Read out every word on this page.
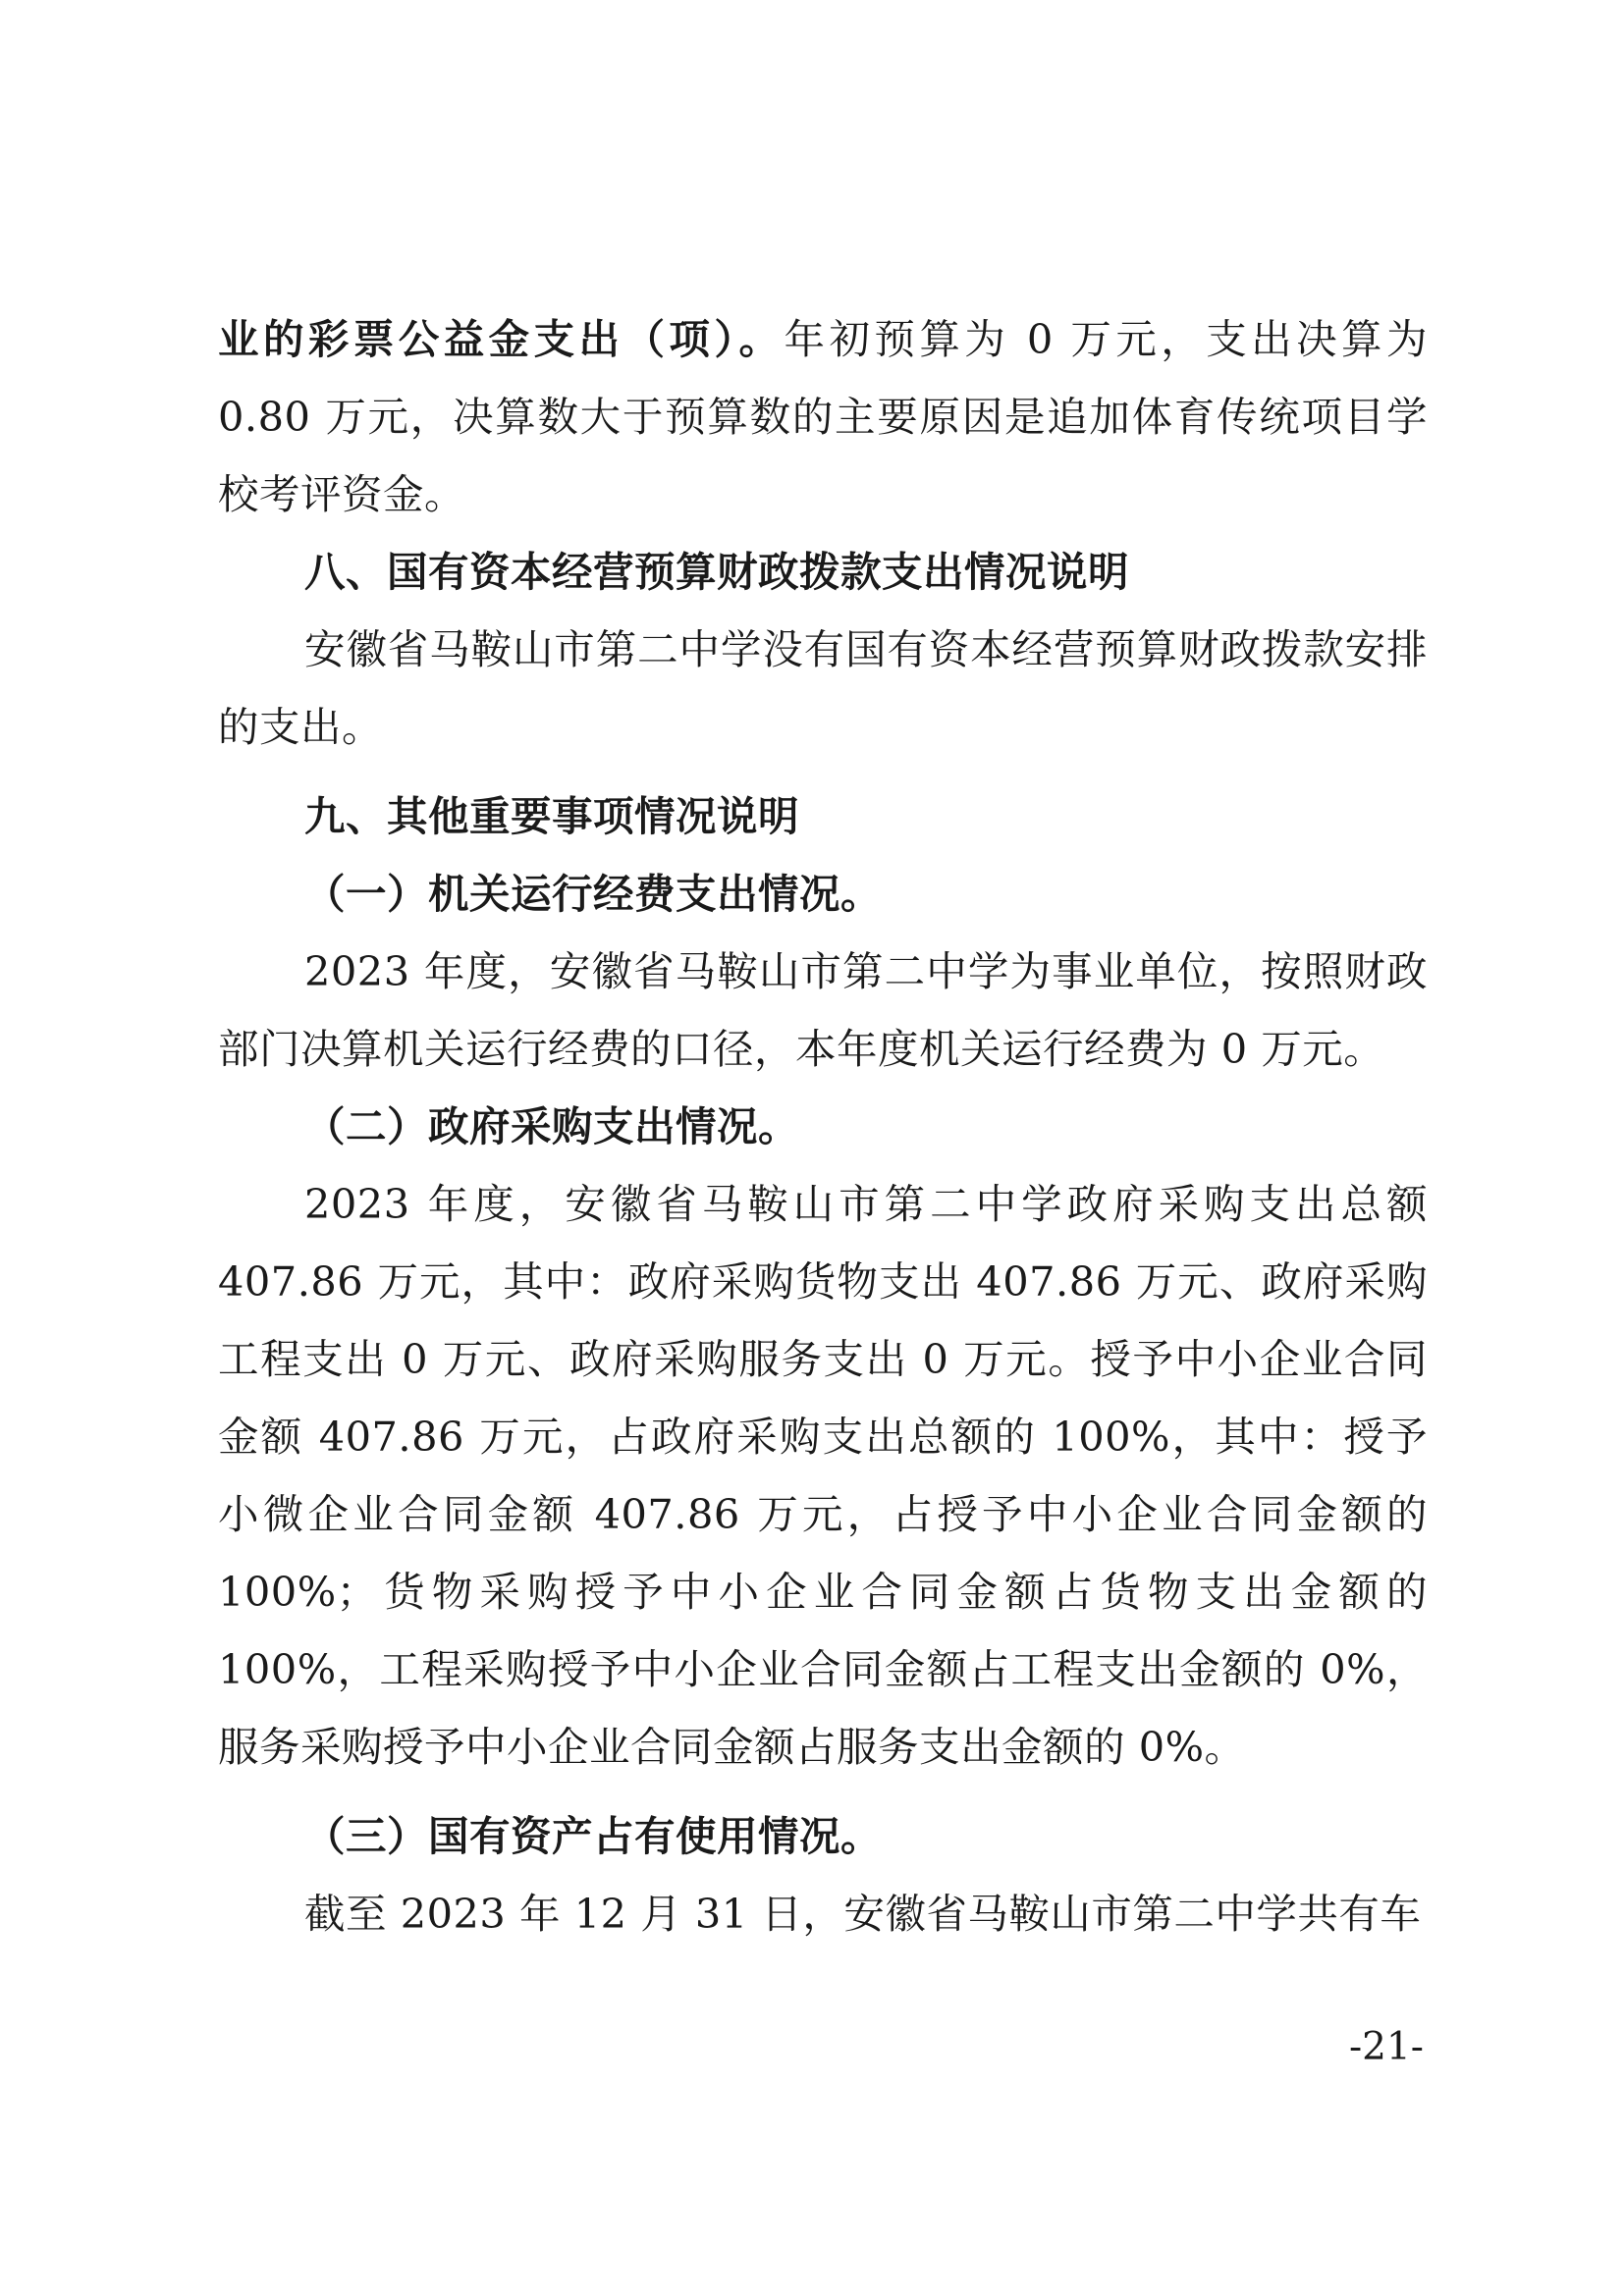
业的彩票公益金支出（项）。年初预算为 0 万元，支出决算为 0.80 万元，决算数大于预算数的主要原因是追加体育传统项目学校考评资金。

八、国有资本经营预算财政拨款支出情况说明

安徽省马鞍山市第二中学没有国有资本经营预算财政拨款安排的支出。

九、其他重要事项情况说明

（一）机关运行经费支出情况。

2023 年度，安徽省马鞍山市第二中学为事业单位，按照财政部门决算机关运行经费的口径，本年度机关运行经费为 0 万元。

（二）政府采购支出情况。

2023 年度，安徽省马鞍山市第二中学政府采购支出总额 407.86 万元，其中：政府采购货物支出 407.86 万元、政府采购工程支出 0 万元、政府采购服务支出 0 万元。授予中小企业合同金额 407.86 万元，占政府采购支出总额的 100%，其中：授予小微企业合同金额 407.86 万元，占授予中小企业合同金额的 100%；货物采购授予中小企业合同金额占货物支出金额的 100%，工程采购授予中小企业合同金额占工程支出金额的 0%，服务采购授予中小企业合同金额占服务支出金额的 0%。

（三）国有资产占有使用情况。

截至 2023 年 12 月 31 日，安徽省马鞍山市第二中学共有车

-21-
